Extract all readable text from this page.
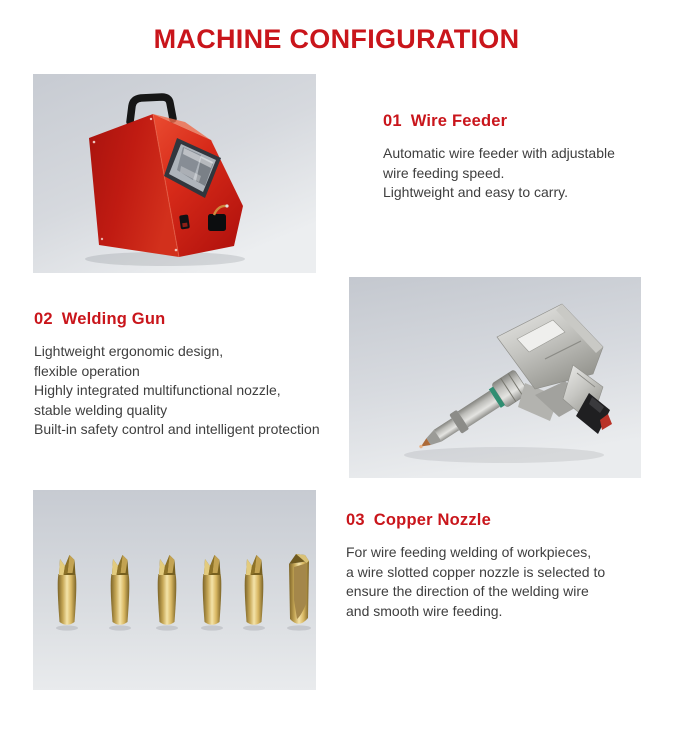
MACHINE CONFIGURATION
01 Wire Feeder
Automatic wire feeder with adjustable
wire feeding speed.
Lightweight and easy to carry.
02 Welding Gun
Lightweight ergonomic design,
flexible operation
Highly integrated multifunctional nozzle,
stable welding quality
Built-in safety control and intelligent protection
03 Copper Nozzle
For wire feeding welding of workpieces,
a wire slotted copper nozzle is selected to
ensure the direction of the welding wire
and smooth wire feeding.
